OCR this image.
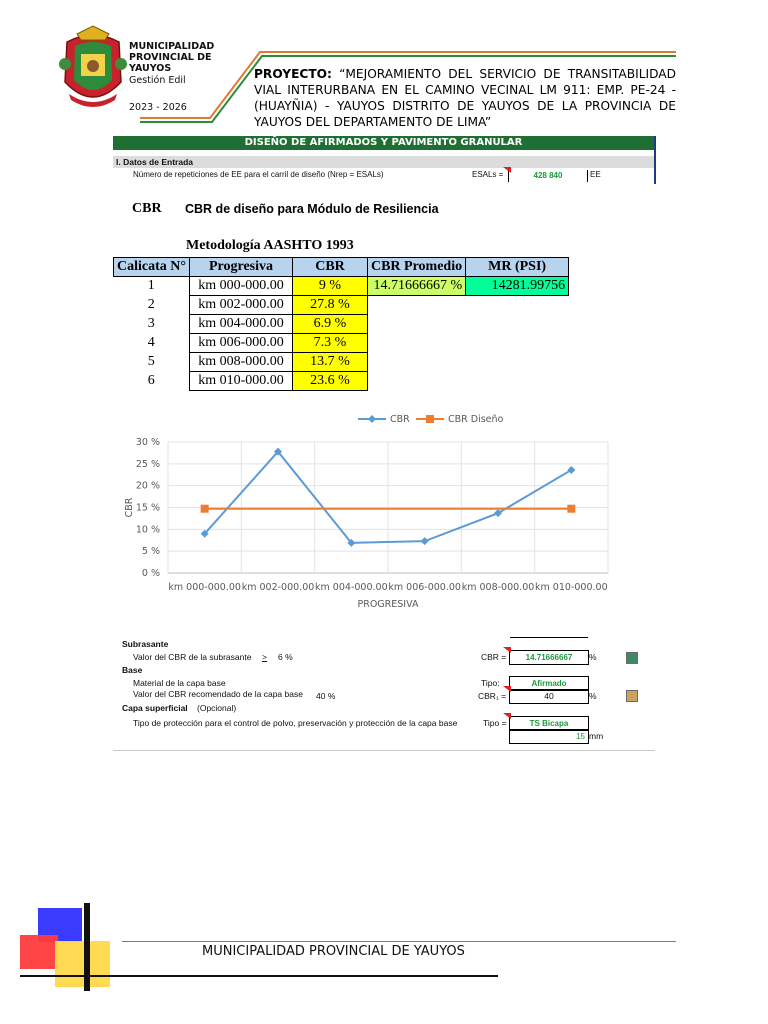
MUNICIPALIDAD
PROVINCIAL DE
YAUYOS
Gestión Edil
2023 - 2026
PROYECTO: “MEJORAMIENTO DEL SERVICIO DE TRANSITABILIDAD VIAL INTERURBANA EN EL CAMINO VECINAL LM 911: EMP. PE-24 - (HUAYÑIA) - YAUYOS DISTRITO DE YAUYOS DE LA PROVINCIA DE YAUYOS DEL DEPARTAMENTO DE LIMA”
DISEÑO DE AFIRMADOS Y PAVIMENTO GRANULAR
I. Datos de Entrada
Número de repeticiones de EE para el carril de diseño (Nrep = ESALs)	ESALs =	428 840	EE
CBR CBR de diseño para Módulo de Resiliencia
Metodología AASHTO 1993
Calicata N°	Progresiva	CBR	CBR Promedio	MR (PSI)
1	km 000-000.00	9 %	14.71666667 %	14281.99756
2	km 002-000.00	27.8 %		
3	km 004-000.00	6.9 %		
4	km 006-000.00	7.3 %		
5	km 008-000.00	13.7 %		
6	km 010-000.00	23.6 %		
0 %
5 %
10 %
15 %
20 %
25 %
30 %
km 000-000.00 km 002-000.00 km 004-000.00 km 006-000.00 km 008-000.00 km 010-000.00
PROGRESIVA
CBR
CBR	CBR Diseño
Subrasante
Valor del CBR de la subrasante > 6 %	CBR =	14.71666667	%
Base
Material de la capa base	Tipo:	Afirmado
Valor del CBR recomendado de la capa base 40 %	CBR₁ =	40	%
Capa superficial (Opcional)
Tipo de protección para el control de polvo, preservación y protección de la capa base	Tipo =	TS Bicapa
15 mm
MUNICIPALIDAD PROVINCIAL DE YAUYOS
